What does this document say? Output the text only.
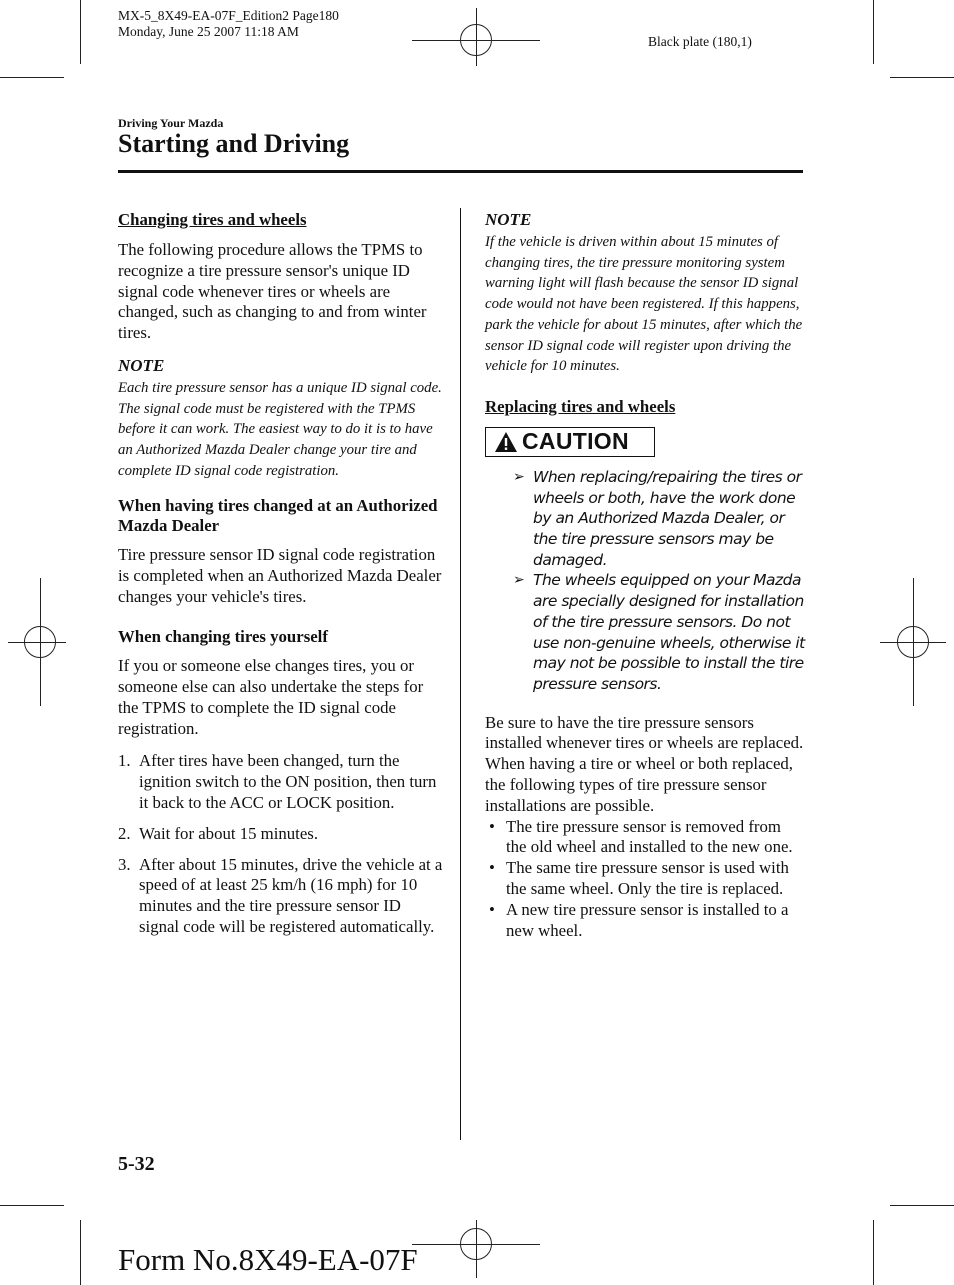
MX-5_8X49-EA-07F_Edition2 Page180
Monday, June 25 2007 11:18 AM
Black plate (180,1)
Driving Your Mazda
Starting and Driving
Changing tires and wheels

The following procedure allows the TPMS to recognize a tire pressure sensor's unique ID signal code whenever tires or wheels are changed, such as changing to and from winter tires.

NOTE

Each tire pressure sensor has a unique ID signal code. The signal code must be registered with the TPMS before it can work. The easiest way to do it is to have an Authorized Mazda Dealer change your tire and complete ID signal code registration.

When having tires changed at an Authorized Mazda Dealer

Tire pressure sensor ID signal code registration is completed when an Authorized Mazda Dealer changes your vehicle's tires.

When changing tires yourself

If you or someone else changes tires, you or someone else can also undertake the steps for the TPMS to complete the ID signal code registration.

1. After tires have been changed, turn the ignition switch to the ON position, then turn it back to the ACC or LOCK position.
2. Wait for about 15 minutes.
3. After about 15 minutes, drive the vehicle at a speed of at least 25 km/h (16 mph) for 10 minutes and the tire pressure sensor ID signal code will be registered automatically.
NOTE

If the vehicle is driven within about 15 minutes of changing tires, the tire pressure monitoring system warning light will flash because the sensor ID signal code would not have been registered. If this happens, park the vehicle for about 15 minutes, after which the sensor ID signal code will register upon driving the vehicle for 10 minutes.

Replacing tires and wheels
CAUTION
➢ When replacing/repairing the tires or wheels or both, have the work done by an Authorized Mazda Dealer, or the tire pressure sensors may be damaged.
➢ The wheels equipped on your Mazda are specially designed for installation of the tire pressure sensors. Do not use non-genuine wheels, otherwise it may not be possible to install the tire pressure sensors.

Be sure to have the tire pressure sensors installed whenever tires or wheels are replaced.

When having a tire or wheel or both replaced, the following types of tire pressure sensor installations are possible.

• The tire pressure sensor is removed from the old wheel and installed to the new one.
• The same tire pressure sensor is used with the same wheel. Only the tire is replaced.
• A new tire pressure sensor is installed to a new wheel.
5-32
Form No.8X49-EA-07F
